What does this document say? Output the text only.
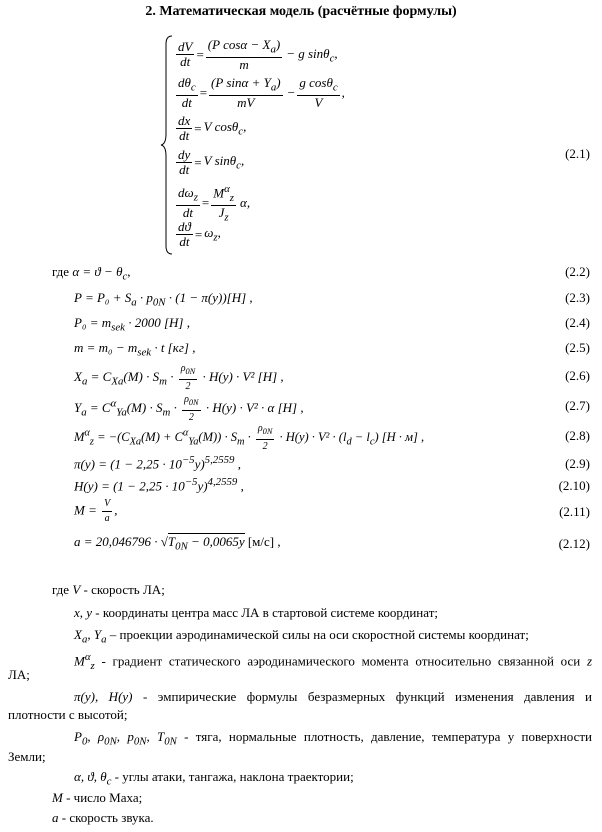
2. Математическая модель (расчётные формулы)
$\frac{dV}{dt} = \frac{(P \cos\alpha - X_a)}{m} - g$ sinθ$_c$,
$\frac{d\theta_c}{dt} = \frac{(P \sin\alpha + Y_a)}{mV} - \frac{g \cos\theta_c}{V}$ ,
$\frac{dx}{dt} = V$ cosθ$_c$,
$\frac{dy}{dt} = V$ sinθ$_c$,
$\frac{d\omega_z}{dt} = \frac{M^\alpha_z}{J_z} \alpha$,
$\frac{dϑ}{dt} = \omega_z$,
(2.1)
где $\alpha = ϑ - \theta_c$,	(2.2)
$P = P_0 + S_a \cdot p_{0N} \cdot (1 - \pi(y))[Н]$ ,	(2.3)
$P_0 = m_{sek} \cdot 2000$ [Н] ,	(2.4)
$m = m_0 - m_{sek} \cdot t$ [кг] ,	(2.5)
$X_a = C_{Xa}(M) \cdot S_m \cdot \frac{\rho_{0N}}{2} \cdot H(y) \cdot V^2$ [Н] ,	(2.6)
$Y_a = C^\alpha_{Ya}(M) \cdot S_m \cdot \frac{\rho_{0N}}{2} \cdot H(y) \cdot V^2 \cdot \alpha$ [Н] ,	(2.7)
$M^\alpha_z = -(C_{Xa}(M) + C^\alpha_{Ya}(M)) \cdot S_m \cdot \frac{\rho_{0N}}{2} \cdot H(y) \cdot V^2 \cdot (l_d - l_c) [Н \cdot м]$ ,	(2.8)
$\pi(y) = (1 - 2,25 \cdot 10^{-5}y)^{5,2559}$ ,	(2.9)
$H(y) = (1 - 2,25 \cdot 10^{-5}y)^{4,2559}$ ,	(2.10)
$M = \frac{V}{a}$ ,	(2.11)
$a = 20,046796 \cdot √T_{0N} - 0,0065y$ [м/с] ,	(2.12)
где V - скорость ЛА;
x, y - координаты центра масс ЛА в стартовой системе координат;
$X_a$, $Y_a$ – проекции аэродинамической силы на оси скоростной системы координат;
$M^\alpha_z$ - градиент статического аэродинамического момента относительно связанной оси z
ЛА;
π(y), H(y) - эмпирические формулы безразмерных функций изменения давления и
плотности с высотой;
$P_0$, $\rho_{0N}$, $p_{0N}$, $T_{0N}$ - тяга, нормальные плотность, давление, температура у поверхности
Земли;
α, ϑ, $\theta_c$ - углы атаки, тангажа, наклона траектории;
M - число Маха;
a - скорость звука.
